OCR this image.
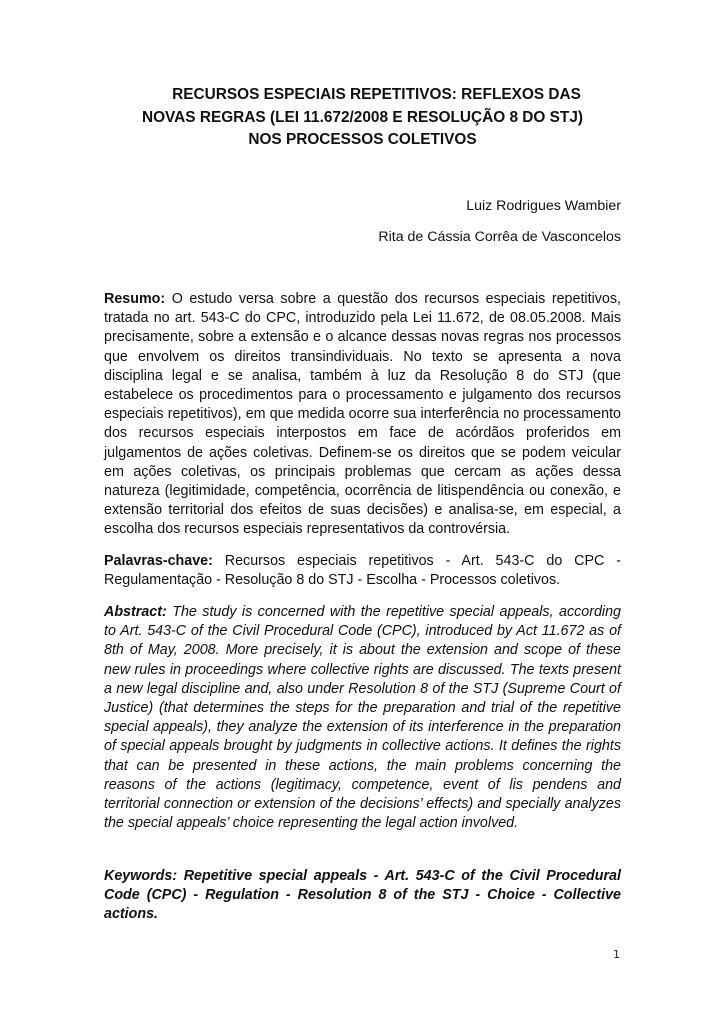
RECURSOS ESPECIAIS REPETITIVOS: REFLEXOS DAS
NOVAS REGRAS (LEI 11.672/2008 E RESOLUÇÃO 8 DO STJ)
NOS PROCESSOS COLETIVOS

Luiz Rodrigues Wambier

Rita de Cássia Corrêa de Vasconcelos

Resumo: O estudo versa sobre a questão dos recursos especiais repetitivos, tratada no art. 543-C do CPC, introduzido pela Lei 11.672, de 08.05.2008. Mais precisamente, sobre a extensão e o alcance dessas novas regras nos processos que envolvem os direitos transindividuais. No texto se apresenta a nova disciplina legal e se analisa, também à luz da Resolução 8 do STJ (que estabelece os procedimentos para o processamento e julgamento dos recursos especiais repetitivos), em que medida ocorre sua interferência no processamento dos recursos especiais interpostos em face de acórdãos proferidos em julgamentos de ações coletivas. Definem-se os direitos que se podem veicular em ações coletivas, os principais problemas que cercam as ações dessa natureza (legitimidade, competência, ocorrência de litispendência ou conexão, e extensão territorial dos efeitos de suas decisões) e analisa-se, em especial, a escolha dos recursos especiais representativos da controvérsia.

Palavras-chave: Recursos especiais repetitivos - Art. 543-C do CPC - Regulamentação - Resolução 8 do STJ - Escolha - Processos coletivos.

Abstract: The study is concerned with the repetitive special appeals, according to Art. 543-C of the Civil Procedural Code (CPC), introduced by Act 11.672 as of 8th of May, 2008. More precisely, it is about the extension and scope of these new rules in proceedings where collective rights are discussed. The texts present a new legal discipline and, also under Resolution 8 of the STJ (Supreme Court of Justice) (that determines the steps for the preparation and trial of the repetitive special appeals), they analyze the extension of its interference in the preparation of special appeals brought by judgments in collective actions. It defines the rights that can be presented in these actions, the main problems concerning the reasons of the actions (legitimacy, competence, event of lis pendens and territorial connection or extension of the decisions’ effects) and specially analyzes the special appeals’ choice representing the legal action involved.

Keywords: Repetitive special appeals - Art. 543-C of the Civil Procedural Code (CPC) - Regulation - Resolution 8 of the STJ - Choice - Collective actions.

1
